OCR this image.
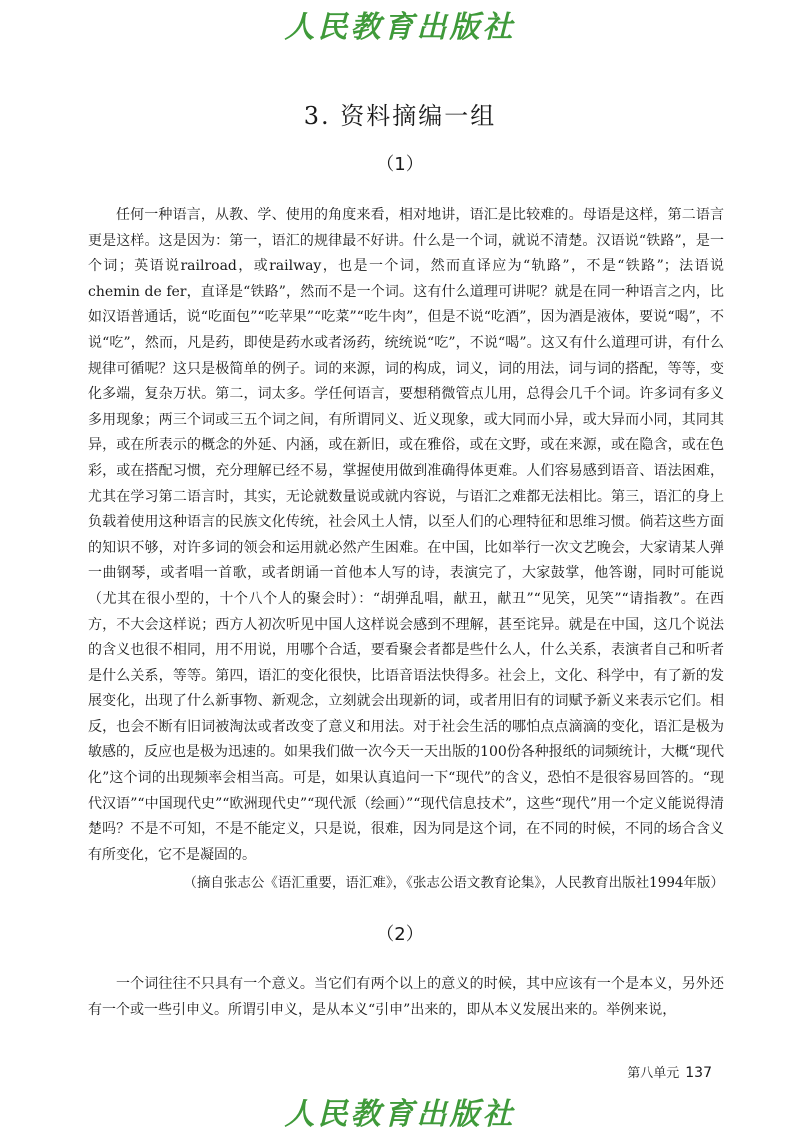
人民教育出版社
3. 资料摘编一组
（1）

任何一种语言，从教、学、使用的角度来看，相对地讲，语汇是比较难的。母语是这样，第二语言更是这样。这是因为：第一，语汇的规律最不好讲。什么是一个词，就说不清楚。汉语说“铁路”，是一个词；英语说railroad，或railway，也是一个词，然而直译应为“轨路”，不是“铁路”；法语说chemin de fer，直译是“铁路”，然而不是一个词。这有什么道理可讲呢？就是在同一种语言之内，比如汉语普通话，说“吃面包”“吃苹果”“吃菜”“吃牛肉”，但是不说“吃酒”，因为酒是液体，要说“喝”，不说“吃”，然而，凡是药，即使是药水或者汤药，统统说“吃”，不说“喝”。这又有什么道理可讲，有什么规律可循呢？这只是极简单的例子。词的来源，词的构成，词义，词的用法，词与词的搭配，等等，变化多端，复杂万状。第二，词太多。学任何语言，要想稍微管点儿用，总得会几千个词。许多词有多义多用现象；两三个词或三五个词之间，有所谓同义、近义现象，或大同而小异，或大异而小同，其同其异，或在所表示的概念的外延、内涵，或在新旧，或在雅俗，或在文野，或在来源，或在隐含，或在色彩，或在搭配习惯，充分理解已经不易，掌握使用做到准确得体更难。人们容易感到语音、语法困难，尤其在学习第二语言时，其实，无论就数量说或就内容说，与语汇之难都无法相比。第三，语汇的身上负载着使用这种语言的民族文化传统，社会风土人情，以至人们的心理特征和思维习惯。倘若这些方面的知识不够，对许多词的领会和运用就必然产生困难。在中国，比如举行一次文艺晚会，大家请某人弹一曲钢琴，或者唱一首歌，或者朗诵一首他本人写的诗，表演完了，大家鼓掌，他答谢，同时可能说（尤其在很小型的，十个八个人的聚会时）：“胡弹乱唱，献丑，献丑”“见笑，见笑”“请指教”。在西方，不大会这样说；西方人初次听见中国人这样说会感到不理解，甚至诧异。就是在中国，这几个说法的含义也很不相同，用不用说，用哪个合适，要看聚会者都是些什么人，什么关系，表演者自己和听者是什么关系，等等。第四，语汇的变化很快，比语音语法快得多。社会上，文化、科学中，有了新的发展变化，出现了什么新事物、新观念，立刻就会出现新的词，或者用旧有的词赋予新义来表示它们。相反，也会不断有旧词被淘汰或者改变了意义和用法。对于社会生活的哪怕点点滴滴的变化，语汇是极为敏感的，反应也是极为迅速的。如果我们做一次今天一天出版的100份各种报纸的词频统计，大概“现代化”这个词的出现频率会相当高。可是，如果认真追问一下“现代”的含义，恐怕不是很容易回答的。“现代汉语”“中国现代史”“欧洲现代史”“现代派（绘画）”“现代信息技术”，这些“现代”用一个定义能说得清楚吗？不是不可知，不是不能定义，只是说，很难，因为同是这个词，在不同的时候，不同的场合含义有所变化，它不是凝固的。

（摘自张志公《语汇重要，语汇难》，《张志公语文教育论集》，人民教育出版社1994年版）
（2）

一个词往往不只具有一个意义。当它们有两个以上的意义的时候，其中应该有一个是本义，另外还有一个或一些引申义。所谓引申义，是从本义“引申”出来的，即从本义发展出来的。举例来说，

第八单元 137
人民教育出版社
